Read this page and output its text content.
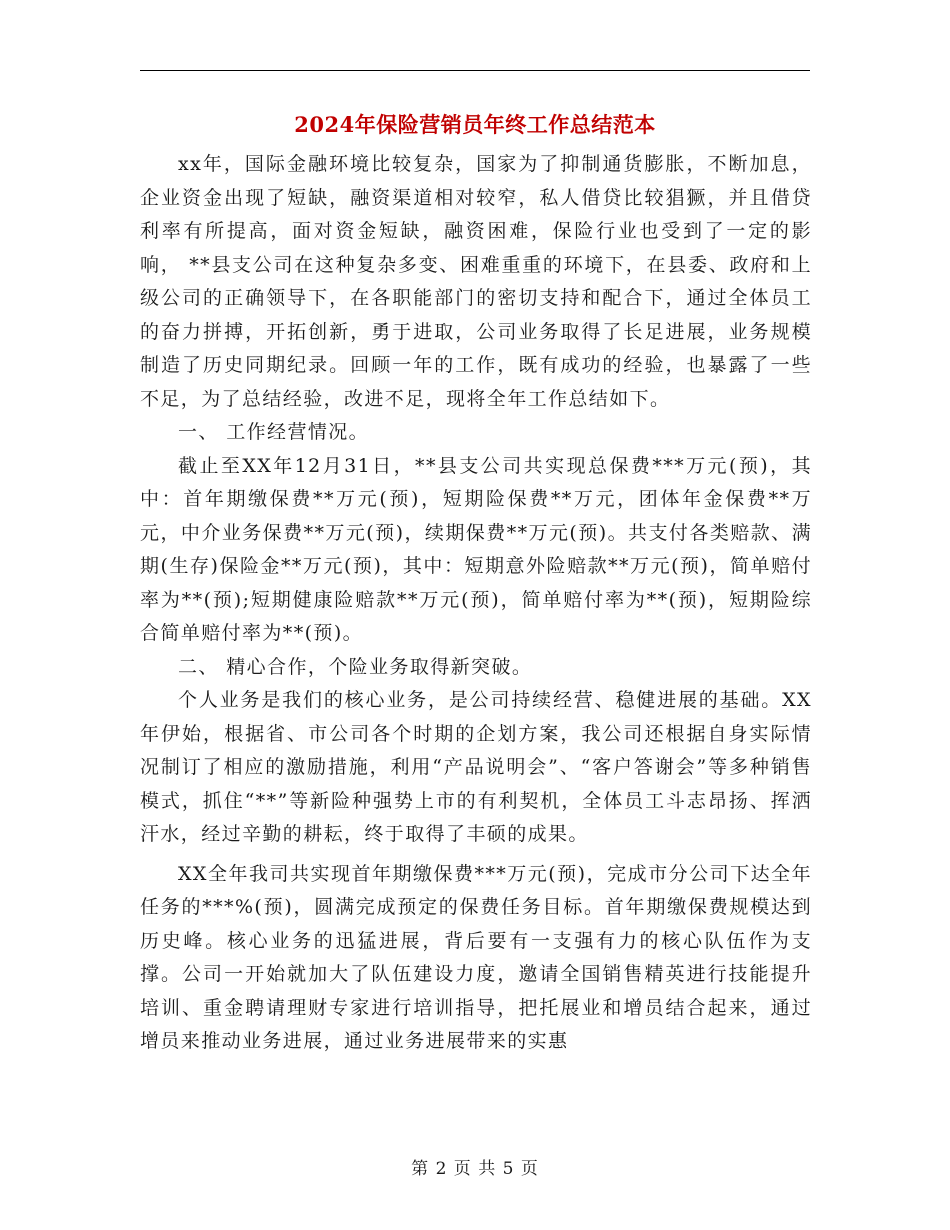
2024年保险营销员年终工作总结范本

xx年，国际金融环境比较复杂，国家为了抑制通货膨胀，不断加息，企业资金出现了短缺，融资渠道相对较窄，私人借贷比较猖獗，并且借贷利率有所提高，面对资金短缺，融资困难，保险行业也受到了一定的影响， **县支公司在这种复杂多变、困难重重的环境下，在县委、政府和上级公司的正确领导下，在各职能部门的密切支持和配合下，通过全体员工的奋力拼搏，开拓创新，勇于进取，公司业务取得了长足进展，业务规模制造了历史同期纪录。回顾一年的工作，既有成功的经验，也暴露了一些不足，为了总结经验，改进不足，现将全年工作总结如下。

一、 工作经营情况。

截止至XX年12月31日，**县支公司共实现总保费***万元(预)，其中：首年期缴保费**万元(预)，短期险保费**万元，团体年金保费**万元，中介业务保费**万元(预)，续期保费**万元(预)。共支付各类赔款、满期(生存)保险金**万元(预)，其中：短期意外险赔款**万元(预)，简单赔付率为**(预);短期健康险赔款**万元(预)，简单赔付率为**(预)，短期险综合简单赔付率为**(预)。

二、 精心合作，个险业务取得新突破。

个人业务是我们的核心业务，是公司持续经营、稳健进展的基础。XX年伊始，根据省、市公司各个时期的企划方案，我公司还根据自身实际情况制订了相应的激励措施，利用“产品说明会”、“客户答谢会”等多种销售模式，抓住“**”等新险种强势上市的有利契机，全体员工斗志昂扬、挥洒汗水，经过辛勤的耕耘，终于取得了丰硕的成果。

XX全年我司共实现首年期缴保费***万元(预)，完成市分公司下达全年任务的***%(预)，圆满完成预定的保费任务目标。首年期缴保费规模达到历史峰。核心业务的迅猛进展，背后要有一支强有力的核心队伍作为支撑。公司一开始就加大了队伍建设力度，邀请全国销售精英进行技能提升培训、重金聘请理财专家进行培训指导，把托展业和增员结合起来，通过增员来推动业务进展，通过业务进展带来的实惠

第 2 页 共 5 页
